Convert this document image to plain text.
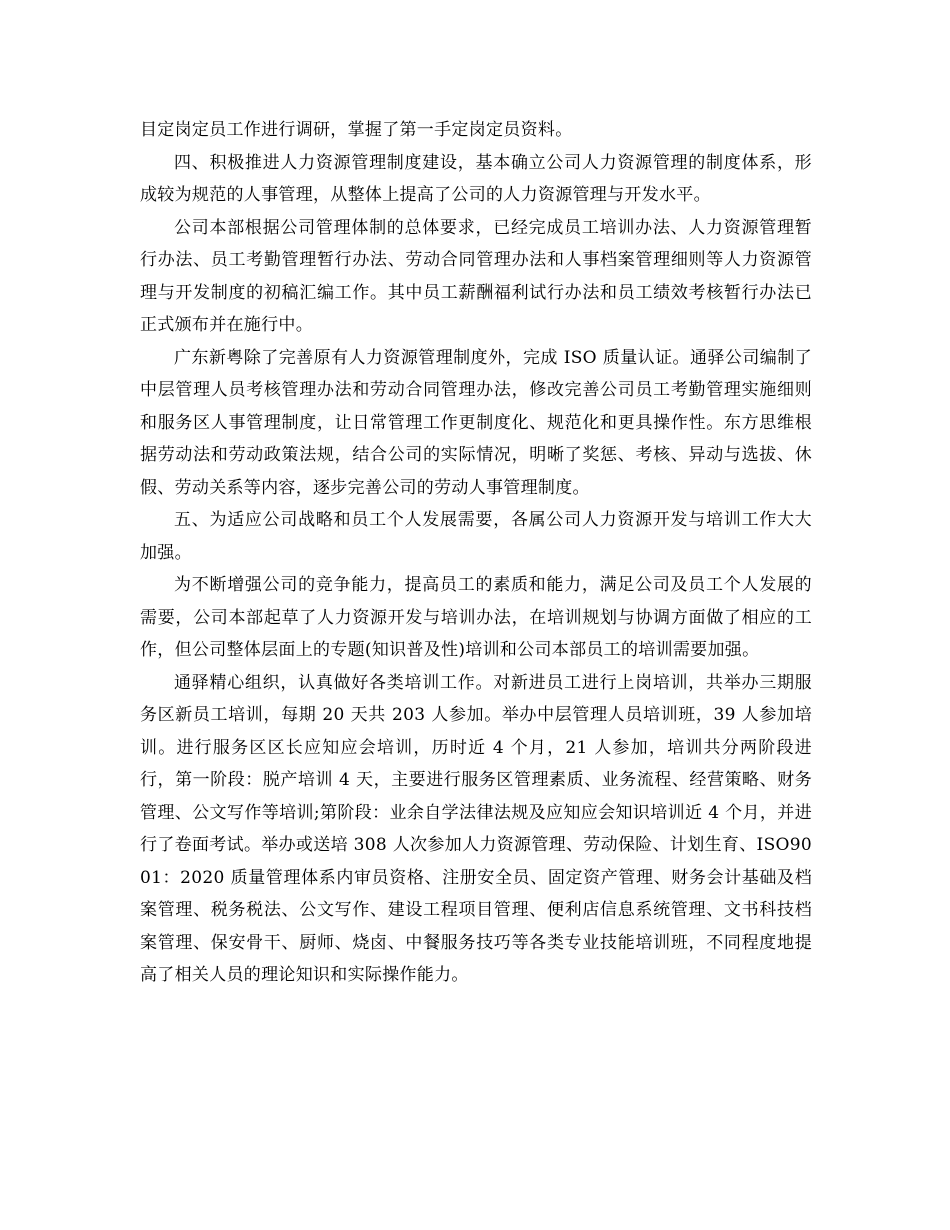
目定岗定员工作进行调研，掌握了第一手定岗定员资料。

四、积极推进人力资源管理制度建设，基本确立公司人力资源管理的制度体系，形成较为规范的人事管理，从整体上提高了公司的人力资源管理与开发水平。

公司本部根据公司管理体制的总体要求，已经完成员工培训办法、人力资源管理暂行办法、员工考勤管理暂行办法、劳动合同管理办法和人事档案管理细则等人力资源管理与开发制度的初稿汇编工作。其中员工薪酬福利试行办法和员工绩效考核暂行办法已正式颁布并在施行中。

广东新粤除了完善原有人力资源管理制度外，完成 ISO 质量认证。通驿公司编制了中层管理人员考核管理办法和劳动合同管理办法，修改完善公司员工考勤管理实施细则和服务区人事管理制度，让日常管理工作更制度化、规范化和更具操作性。东方思维根据劳动法和劳动政策法规，结合公司的实际情况，明晰了奖惩、考核、异动与选拔、休假、劳动关系等内容，逐步完善公司的劳动人事管理制度。

五、为适应公司战略和员工个人发展需要，各属公司人力资源开发与培训工作大大加强。

为不断增强公司的竞争能力，提高员工的素质和能力，满足公司及员工个人发展的需要，公司本部起草了人力资源开发与培训办法，在培训规划与协调方面做了相应的工作，但公司整体层面上的专题(知识普及性)培训和公司本部员工的培训需要加强。

通驿精心组织，认真做好各类培训工作。对新进员工进行上岗培训，共举办三期服务区新员工培训，每期 20 天共 203 人参加。举办中层管理人员培训班，39 人参加培训。进行服务区区长应知应会培训，历时近 4 个月，21 人参加，培训共分两阶段进行，第一阶段：脱产培训 4 天，主要进行服务区管理素质、业务流程、经营策略、财务管理、公文写作等培训;第阶段：业余自学法律法规及应知应会知识培训近 4 个月，并进行了卷面考试。举办或送培 308 人次参加人力资源管理、劳动保险、计划生育、ISO9001：2020 质量管理体系内审员资格、注册安全员、固定资产管理、财务会计基础及档案管理、税务税法、公文写作、建设工程项目管理、便利店信息系统管理、文书科技档案管理、保安骨干、厨师、烧卤、中餐服务技巧等各类专业技能培训班，不同程度地提高了相关人员的理论知识和实际操作能力。
